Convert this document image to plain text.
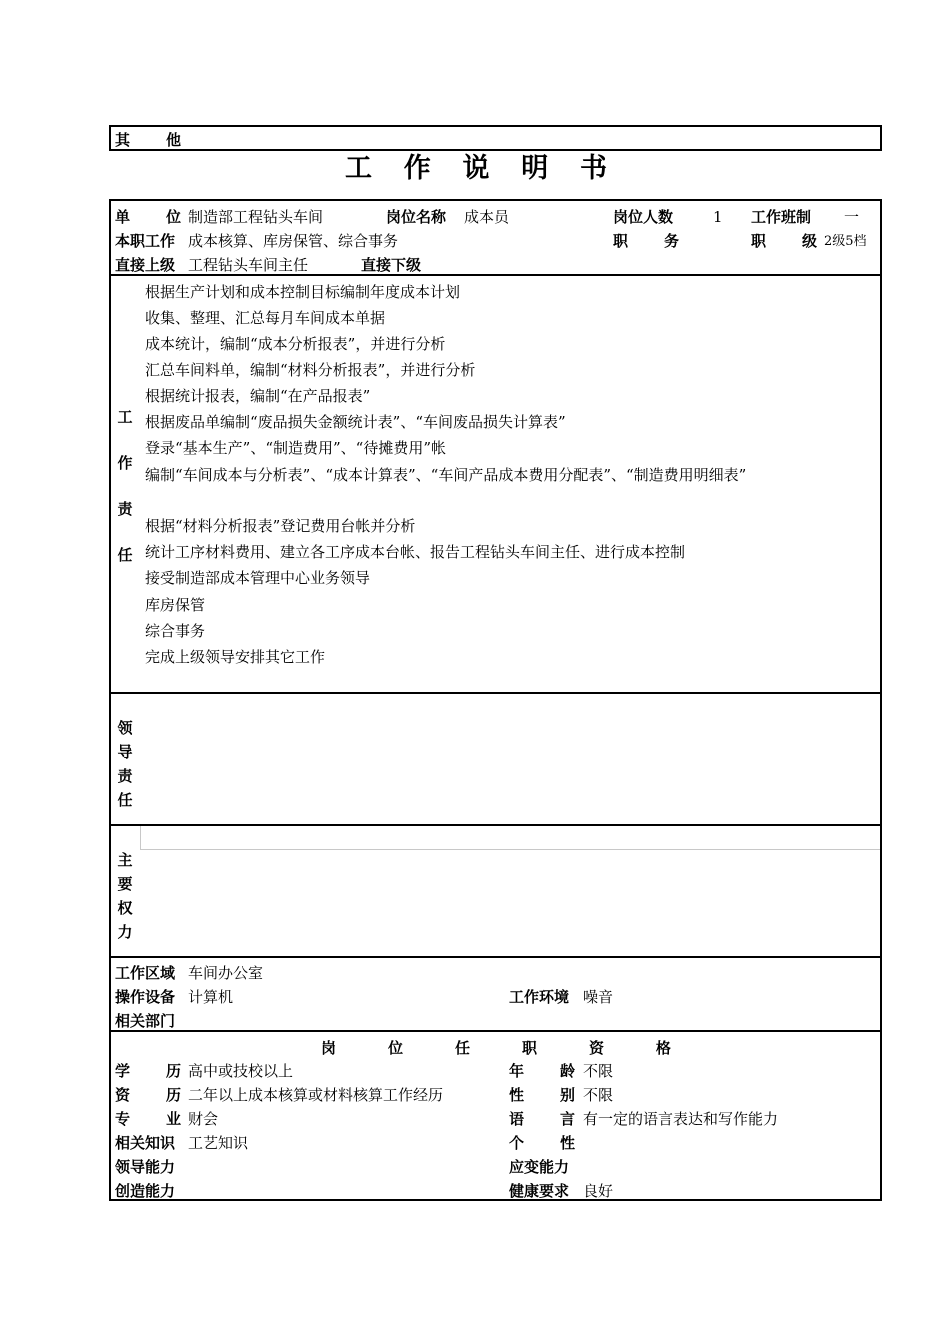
其 他
工 作 说 明 书
单 位 制造部工程钻头车间	岗位名称 成本员	岗位人数	1 工作班制 一
本职工作 成本核算、库房保管、综合事务	职 务	职 级 2级5档
直接上级 工程钻头车间主任	直接下级
工
作
责
任
根据生产计划和成本控制目标编制年度成本计划
收集、整理、汇总每月车间成本单据
成本统计，编制“成本分析报表”，并进行分析
汇总车间料单，编制“材料分析报表”，并进行分析
根据统计报表，编制“在产品报表”
根据废品单编制“废品损失金额统计表”、“车间废品损失计算表”
登录“基本生产”、“制造费用”、“待摊费用”帐
编制“车间成本与分析表”、“成本计算表”、“车间产品成本费用分配表”、“制造费用明细表”
根据“材料分析报表”登记费用台帐并分析
统计工序材料费用、建立各工序成本台帐、报告工程钻头车间主任、进行成本控制
接受制造部成本管理中心业务领导
库房保管
综合事务
完成上级领导安排其它工作
领
导
责
任
主
要
权
力
工作区域 车间办公室
操作设备 计算机	工作环境 噪音
相关部门
岗	位	任	职	资	格
学 历 高中或技校以上	年 龄 不限
资 历 二年以上成本核算或材料核算工作经历	性 别 不限
专 业 财会	语 言 有一定的语言表达和写作能力
相关知识 工艺知识	个 性
领导能力	应变能力
创造能力	健康要求 良好
